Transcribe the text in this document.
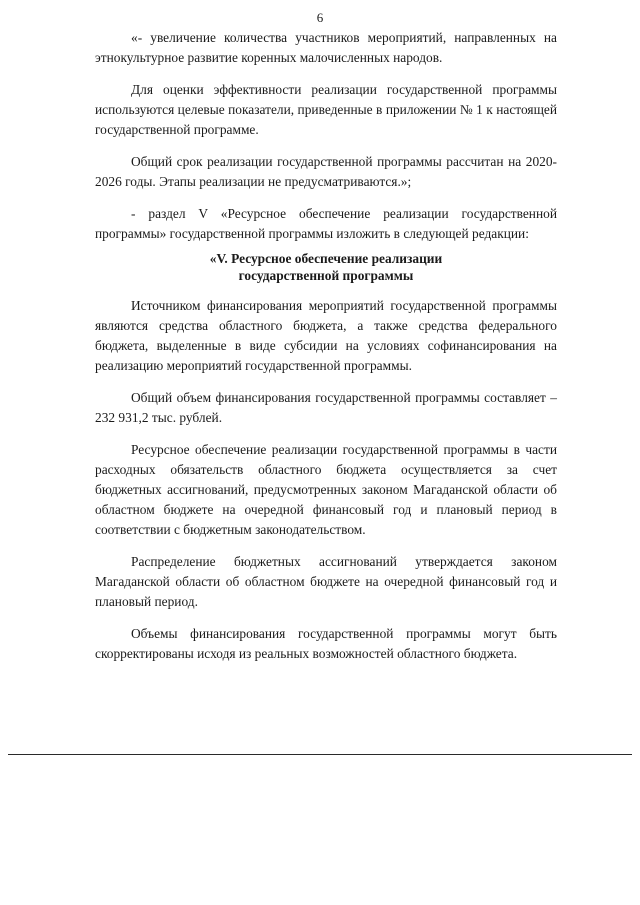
6

«- увеличение количества участников мероприятий, направленных на этнокультурное развитие коренных малочисленных народов.

Для оценки эффективности реализации государственной программы используются целевые показатели, приведенные в приложении № 1 к настоящей государственной программе.

Общий срок реализации государственной программы рассчитан на 2020-2026 годы. Этапы реализации не предусматриваются.»;

- раздел V «Ресурсное обеспечение реализации государственной программы» государственной программы изложить в следующей редакции:

«V. Ресурсное обеспечение реализации
государственной программы

Источником финансирования мероприятий государственной программы являются средства областного бюджета, а также средства федерального бюджета, выделенные в виде субсидии на условиях софинансирования на реализацию мероприятий государственной программы.

Общий объем финансирования государственной программы составляет – 232 931,2 тыс. рублей.

Ресурсное обеспечение реализации государственной программы в части расходных обязательств областного бюджета осуществляется за счет бюджетных ассигнований, предусмотренных законом Магаданской области об областном бюджете на очередной финансовый год и плановый период в соответствии с бюджетным законодательством.

Распределение бюджетных ассигнований утверждается законом Магаданской области об областном бюджете на очередной финансовый год и плановый период.

Объемы финансирования государственной программы могут быть скорректированы исходя из реальных возможностей областного бюджета.
